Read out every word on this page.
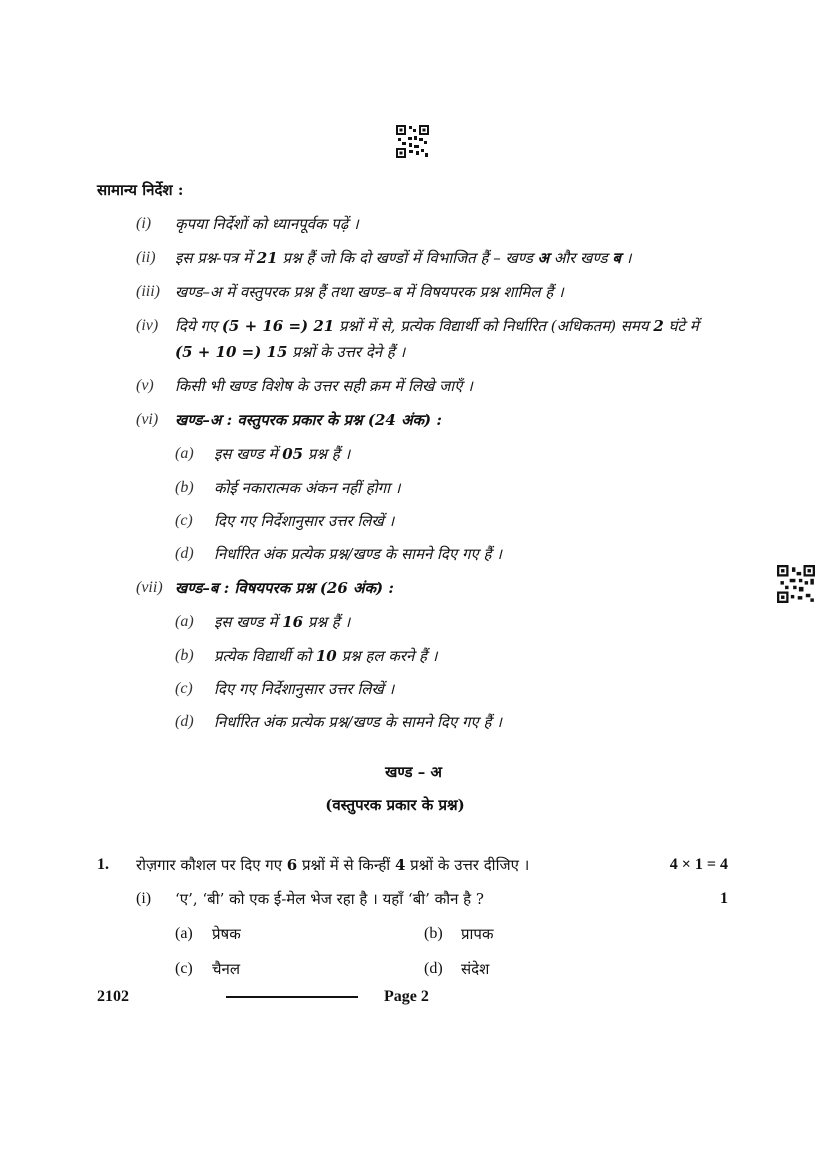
सामान्य निर्देश :
(i) कृपया निर्देशों को ध्यानपूर्वक पढ़ें ।
(ii) इस प्रश्न-पत्र में 21 प्रश्न हैं जो कि दो खण्डों में विभाजित हैं – खण्ड अ और खण्ड ब ।
(iii) खण्ड–अ में वस्तुपरक प्रश्न हैं तथा खण्ड–ब में विषयपरक प्रश्न शामिल हैं ।
(iv) दिये गए (5 + 16 =) 21 प्रश्नों में से, प्रत्येक विद्यार्थी को निर्धारित (अधिकतम) समय 2 घंटे में
(5 + 10 =) 15 प्रश्नों के उत्तर देने हैं ।
(v) किसी भी खण्ड विशेष के उत्तर सही क्रम में लिखे जाएँ ।
(vi) खण्ड–अ : वस्तुपरक प्रकार के प्रश्न (24 अंक) :
(a) इस खण्ड में 05 प्रश्न हैं ।
(b) कोई नकारात्मक अंकन नहीं होगा ।
(c) दिए गए निर्देशानुसार उत्तर लिखें ।
(d) निर्धारित अंक प्रत्येक प्रश्न/खण्ड के सामने दिए गए हैं ।
(vii) खण्ड–ब : विषयपरक प्रश्न (26 अंक) :
(a) इस खण्ड में 16 प्रश्न हैं ।
(b) प्रत्येक विद्यार्थी को 10 प्रश्न हल करने हैं ।
(c) दिए गए निर्देशानुसार उत्तर लिखें ।
(d) निर्धारित अंक प्रत्येक प्रश्न/खण्ड के सामने दिए गए हैं ।
खण्ड – अ
(वस्तुपरक प्रकार के प्रश्न)
1. रोज़गार कौशल पर दिए गए 6 प्रश्नों में से किन्हीं 4 प्रश्नों के उत्तर दीजिए ।	4 × 1 = 4
(i) ‘ए’, ‘बी’ को एक ई-मेल भेज रहा है । यहाँ ‘बी’ कौन है ?	1
(a) प्रेषक	(b) प्रापक
(c) चैनल	(d) संदेश
2102	Page 2
